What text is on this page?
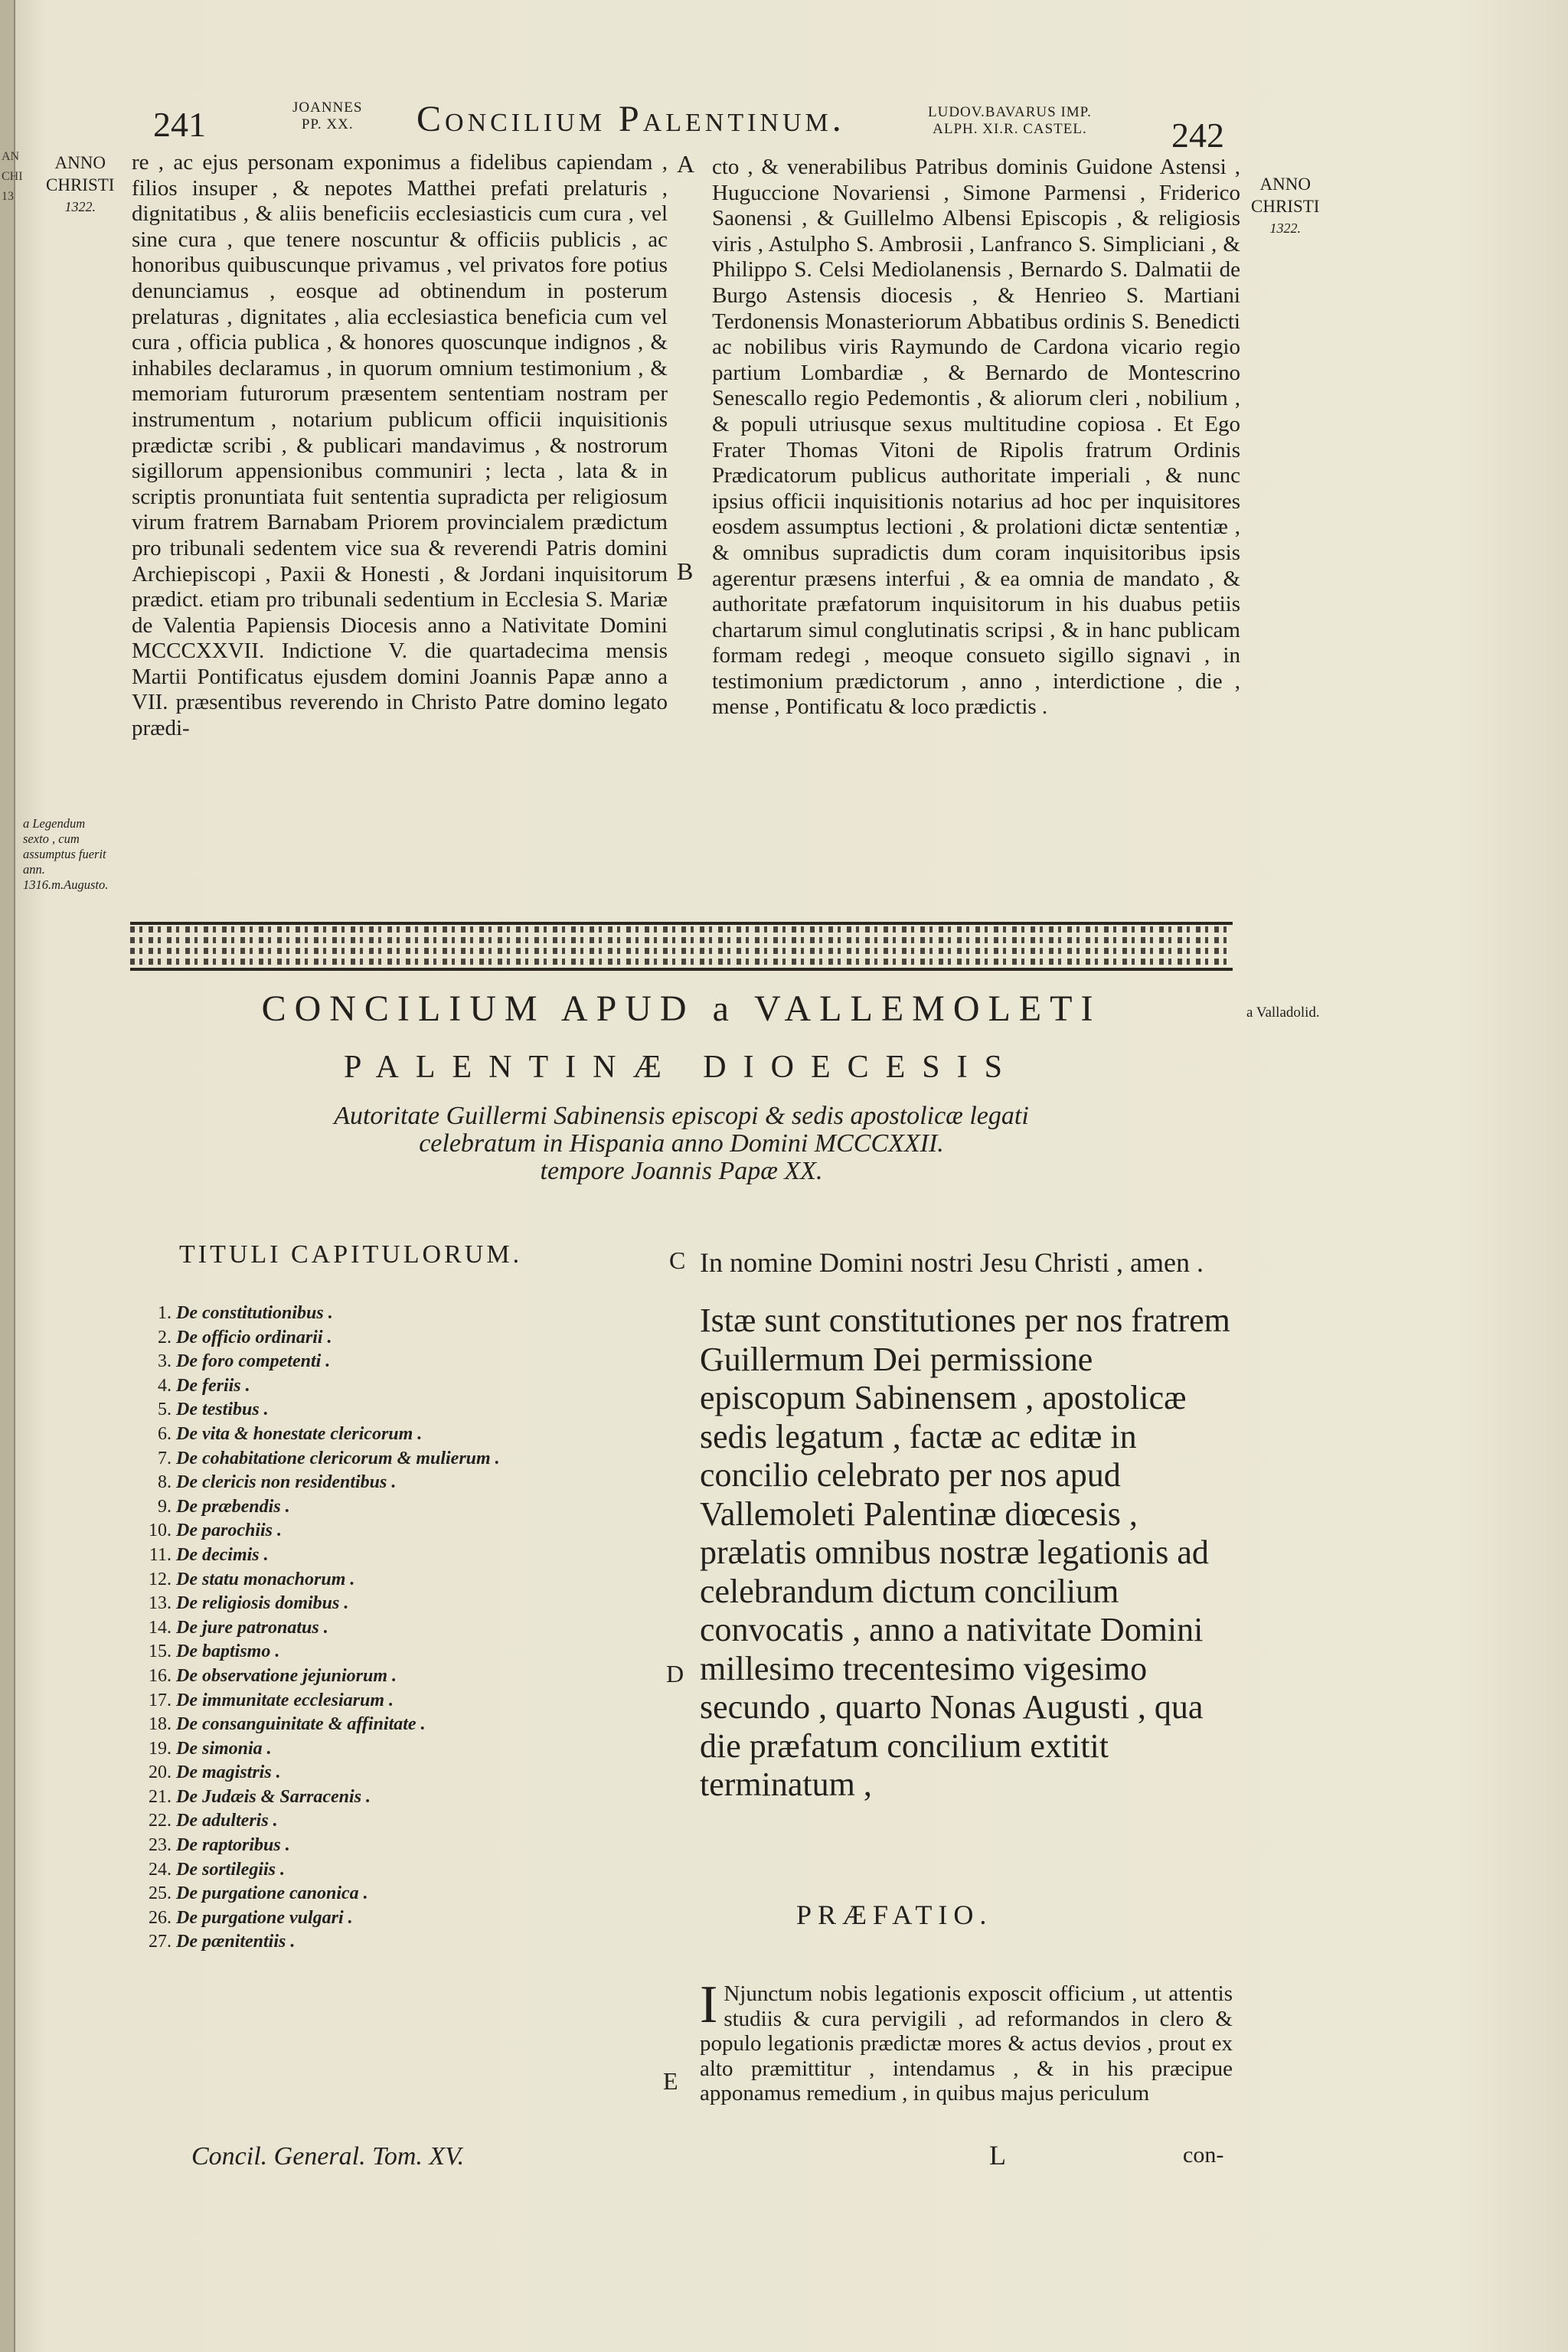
AN
CHI
13
241	JOANNES
PP. XX. Concilium Palentinum.	LUDOV.BAVARUS IMP.
ALPH. XI.R. CASTEL. 242
ANNO
CHRISTI
1322.
ANNO
CHRISTI
1322.

re , ac ejus personam exponimus a fidelibus capiendam , filios insuper , & nepotes Matthei prefati prelaturis , dignitatibus , & aliis beneficiis ecclesiasticis cum cura , vel sine cura , que tenere noscuntur & officiis publicis , ac honoribus quibuscunque privamus , vel privatos fore potius denunciamus , eosque ad obtinendum in posterum prelaturas , dignitates , alia ecclesiastica beneficia cum vel cura , officia publica , & honores quoscunque indignos , & inhabiles declaramus , in quorum omnium testimonium , & memoriam futurorum præsentem sententiam nostram per instrumentum , notarium publicum officii inquisitionis prædictæ scribi , & publicari mandavimus , & nostrorum sigillorum appensionibus communiri ; lecta , lata & in scriptis pronuntiata fuit sententia supradicta per religiosum virum fratrem Barnabam Priorem provincialem prædictum pro tribunali sedentem vice sua & reverendi Patris domini Archiepiscopi , Paxii & Honesti , & Jordani inquisitorum prædict. etiam pro tribunali sedentium in Ecclesia S. Mariæ de Valentia Papiensis Diocesis anno a Nativitate Domini MCCCXXVII. Indictione V. die quartadecima mensis Martii Pontificatus ejusdem domini Joannis Papæ anno a VII. præsentibus reverendo in Christo Patre domino legato prædi-

cto , & venerabilibus Patribus dominis Guidone Astensi , Huguccione Novariensi , Simone Parmensi , Friderico Saonensi , & Guillelmo Albensi Episcopis , & religiosis viris , Astulpho S. Ambrosii , Lanfranco S. Simpliciani , & Philippo S. Celsi Mediolanensis , Bernardo S. Dalmatii de Burgo Astensis diocesis , & Henrieo S. Martiani Terdonensis Monasteriorum Abbatibus ordinis S. Benedicti ac nobilibus viris Raymundo de Cardona vicario regio partium Lombardiæ , & Bernardo de Montescrino Senescallo regio Pedemontis , & aliorum cleri , nobilium , & populi utriusque sexus multitudine copiosa . Et Ego Frater Thomas Vitoni de Ripolis fratrum Ordinis Prædicatorum publicus authoritate imperiali , & nunc ipsius officii inquisitionis notarius ad hoc per inquisitores eosdem assumptus lectioni , & prolationi dictæ sententiæ , & omnibus supradictis dum coram inquisitoribus ipsis agerentur præsens interfui , & ea omnia de mandato , & authoritate præfatorum inquisitorum in his duabus petiis chartarum simul conglutinatis scripsi , & in hanc publicam formam redegi , meoque consueto sigillo signavi , in testimonium prædictorum , anno , interdictione , die , mense , Pontificatu & loco prædictis .

A
B
C
D
E
a Legendum sexto , cum assumptus fuerit ann. 1316.m.Augusto.
CONCILIUM APUD a VALLEMOLETI	a Valladolid.
PALENTINÆ DIOECESIS
Autoritate Guillermi Sabinensis episcopi & sedis apostolicæ legati
celebratum in Hispania anno Domini MCCCXXII.
tempore Joannis Papæ XX.
TITULI CAPITULORUM.
1. De constitutionibus .
2. De officio ordinarii .
3. De foro competenti .
4. De feriis .
5. De testibus .
6. De vita & honestate clericorum .
7. De cohabitatione clericorum & mulierum .
8. De clericis non residentibus .
9. De præbendis .
10. De parochiis .
11. De decimis .
12. De statu monachorum .
13. De religiosis domibus .
14. De jure patronatus .
15. De baptismo .
16. De observatione jejuniorum .
17. De immunitate ecclesiarum .
18. De consanguinitate & affinitate .
19. De simonia .
20. De magistris .
21. De Judæis & Sarracenis .
22. De adulteris .
23. De raptoribus .
24. De sortilegiis .
25. De purgatione canonica .
26. De purgatione vulgari .
27. De pænitentiis .
In nomine Domini nostri Jesu Christi , amen .
Istæ sunt constitutiones per nos fratrem Guillermum Dei permissione episcopum Sabinensem , apostolicæ sedis legatum , factæ ac editæ in concilio celebrato per nos apud Vallemoleti Palentinæ diœcesis , prælatis omnibus nostræ legationis ad celebrandum dictum concilium convocatis , anno a nativitate Domini millesimo trecentesimo vigesimo secundo , quarto Nonas Augusti , qua die præfatum concilium extitit terminatum ,
PRÆFATIO.
I Njunctum nobis legationis exposcit officium , ut attentis studiis & cura pervigili , ad reformandos in clero & populo legationis prædictæ mores & actus devios , prout ex alto præmittitur , intendamus , & in his præcipue apponamus remedium , in quibus majus periculum
Concil. General. Tom. XV.	L	con-
